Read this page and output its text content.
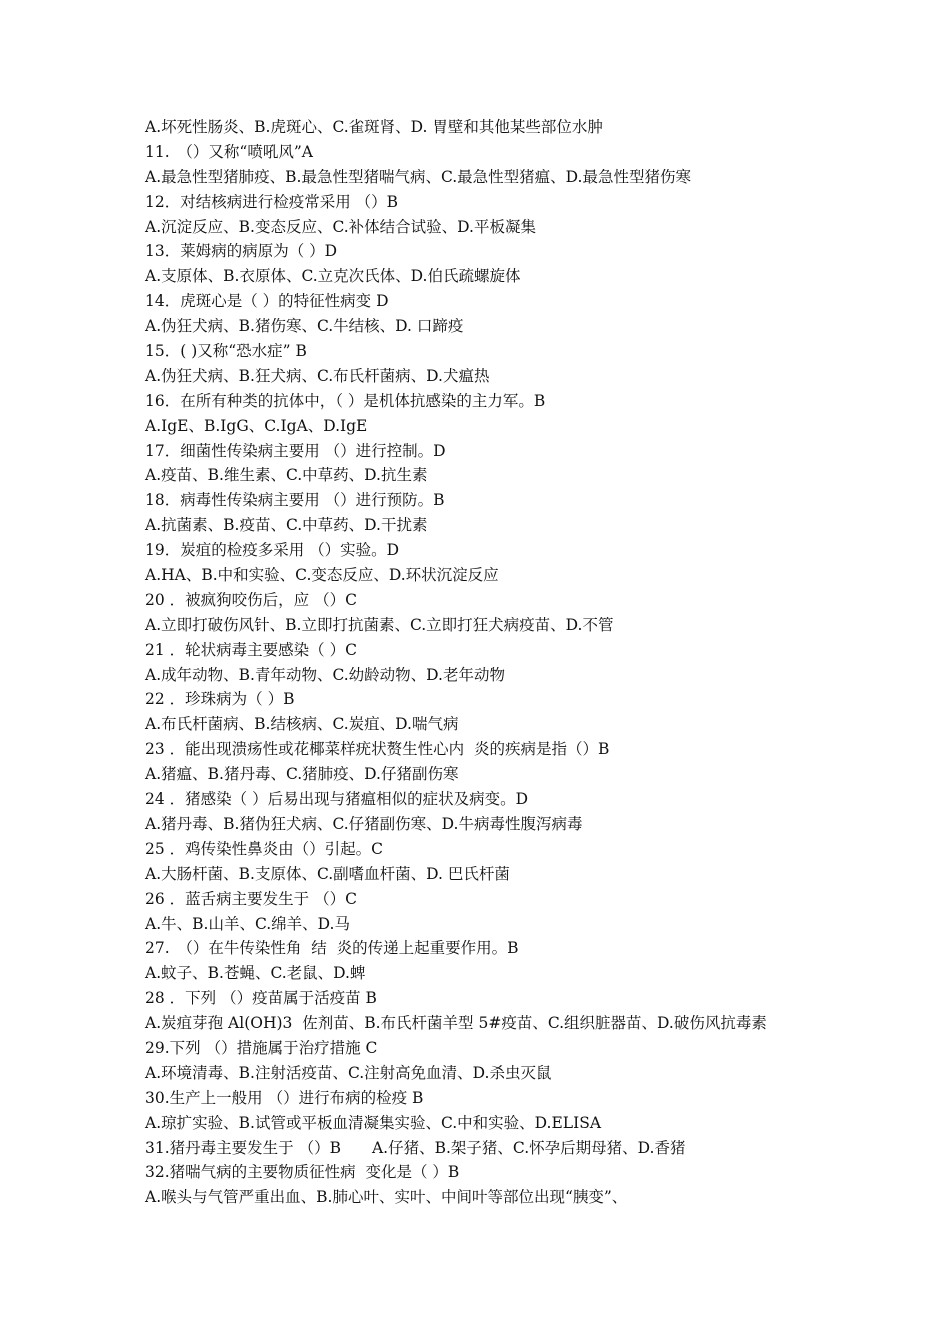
A.坏死性肠炎、B.虎斑心、C.雀斑肾、D. 胃壁和其他某些部位水肿
11.　（）又称“喷吼风”A
A.最急性型猪肺疫、B.最急性型猪喘气病、C.最急性型猪瘟、D.最急性型猪伤寒
12．对结核病进行检疫常采用 （）B
A.沉淀反应、B.变态反应、C.补体结合试验、D.平板凝集
13．莱姆病的病原为（ ）D
A.支原体、B.衣原体、C.立克次氏体、D.伯氏疏螺旋体
14．虎斑心是（ ）的特征性病变 D
A.伪狂犬病、B.猪伤寒、C.牛结核、D. 口蹄疫
15．( )又称“恐水症” B
A.伪狂犬病、B.狂犬病、C.布氏杆菌病、D.犬瘟热
16．在所有种类的抗体中，（ ）是机体抗感染的主力军。B
A.IgE、B.IgG、C.IgA、D.IgE
17．细菌性传染病主要用 （）进行控制。D
A.疫苗、B.维生素、C.中草药、D.抗生素
18．病毒性传染病主要用 （）进行预防。B
A.抗菌素、B.疫苗、C.中草药、D.干扰素
19．炭疽的检疫多采用 （）实验。D
A.HA、B.中和实验、C.变态反应、D.环状沉淀反应
20 ．被疯狗咬伤后，应 （）C
A.立即打破伤风针、B.立即打抗菌素、C.立即打狂犬病疫苗、D.不管
21 ．轮状病毒主要感染（ ）C
A.成年动物、B.青年动物、C.幼龄动物、D.老年动物
22 ．珍珠病为（ ）B
A.布氏杆菌病、B.结核病、C.炭疽、D.喘气病
23 ．能出现溃疡性或花椰菜样疣状赘生性心内  炎的疾病是指（）B
A.猪瘟、B.猪丹毒、C.猪肺疫、D.仔猪副伤寒
24 ．猪感染（ ）后易出现与猪瘟相似的症状及病变。D
A.猪丹毒、B.猪伪狂犬病、C.仔猪副伤寒、D.牛病毒性腹泻病毒
25 ．鸡传染性鼻炎由（）引起。C
A.大肠杆菌、B.支原体、C.副嗜血杆菌、D. 巴氏杆菌
26 ．蓝舌病主要发生于 （）C
A.牛、B.山羊、C.绵羊、D.马
27.　（）在牛传染性角  结  炎的传递上起重要作用。B
A.蚊子、B.苍蝇、C.老鼠、D.蜱
28 ．下列 （）疫苗属于活疫苗 B
A.炭疽芽孢 Al(OH)3  佐剂苗、B.布氏杆菌羊型 5#疫苗、C.组织脏器苗、D.破伤风抗毒素
29.下列 （）措施属于治疗措施 C
A.环境清毒、B.注射活疫苗、C.注射高免血清、D.杀虫灭鼠
30.生产上一般用 （）进行布病的检疫 B
A.琼扩实验、B.试管或平板血清凝集实验、C.中和实验、D.ELISA
31.猪丹毒主要发生于 （）B　　A.仔猪、B.架子猪、C.怀孕后期母猪、D.香猪
32.猪喘气病的主要物质征性病  变化是（ ）B
A.喉头与气管严重出血、B.肺心叶、实叶、中间叶等部位出现“胰变”、
